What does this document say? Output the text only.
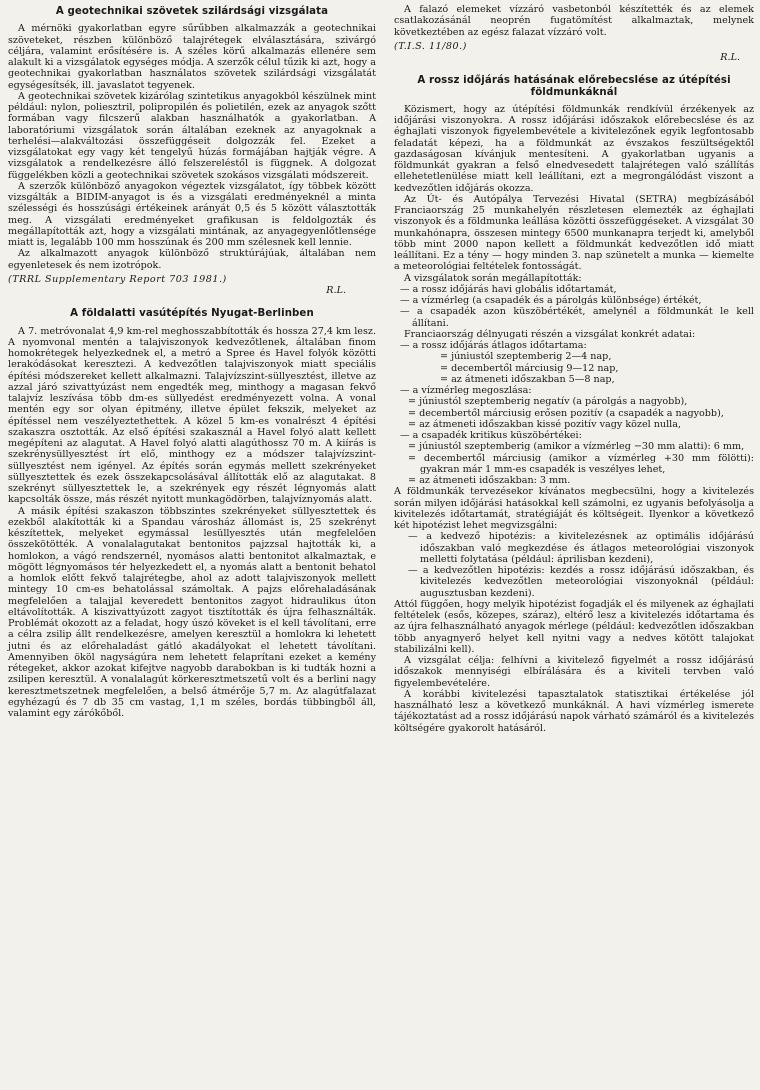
A geotechnikai szövetek szilárdsági vizsgálata

A mérnöki gyakorlatban egyre sűrűbben alkalmazzák a geotechnikai szöveteket, részben különböző talajrétegek elválasztására, szivárgó céljára, valamint erősítésére is. A széles körű alkalmazás ellenére sem alakult ki a vizsgálatok egységes módja. A szerzők célul tűzik ki azt, hogy a geotechnikai gyakorlatban használatos szövetek szilárdsági vizsgálatát egységesítsék, ill. javaslatot tegyenek.

A geotechnikai szövetek kizárólag szintetikus anyagokból készülnek mint például: nylon, poliesztril, polipropilén és polietilén, ezek az anyagok szőtt formában vagy filcszerű alakban használhatók a gyakorlatban. A laboratóriumi vizsgálatok során általában ezeknek az anyagoknak a terhelési—alakváltozási összefüggéseit dolgozzák fel. Ezeket a vizsgálatokat egy vagy két tengelyű húzás formájában hajtják végre. A vizsgálatok a rendelkezésre álló felszereléstől is függnek. A dolgozat függelékben közli a geotechnikai szövetek szokásos vizsgálati módszereit.

A szerzők különböző anyagokon végeztek vizsgálatot, így többek között vizsgálták a BIDIM-anyagot is és a vizsgálati eredményeknél a minta szélességi és hosszúsági értékeinek arányát 0,5 és 5 között választották meg. A vizsgálati eredményeket grafikusan is feldolgozták és megállapították azt, hogy a vizsgálati mintának, az anyagegyenlőtlensége miatt is, legalább 100 mm hosszúnak és 200 mm szélesnek kell lennie.

Az alkalmazott anyagok különböző struktúrájúak, általában nem egyenletesek és nem izotrópok.

(TRRL Supplementary Report 703 1981.)

R.L.

A földalatti vasútépítés Nyugat-Berlinben

A 7. metróvonalat 4,9 km-rel meghosszabbították és hossza 27,4 km lesz. A nyomvonal mentén a talajviszonyok kedvezőtlenek, általában finom homokrétegek helyezkednek el, a metró a Spree és Havel folyók közötti lerakódásokat keresztezi. A kedvezőtlen talajviszonyok miatt speciális építési módszereket kellett alkalmazni. Talajvízszint-süllyesztést, illetve az azzal járó szivattyúzást nem engedték meg, minthogy a magasan fekvő talajvíz leszívása több dm-es süllyedést eredményezett volna. A vonal mentén egy sor olyan épitmény, illetve épület fekszik, melyeket az építéssel nem veszélyeztethettek. A közel 5 km-es vonalrészt 4 építési szakaszra osztották. Az első építési szakasznál a Havel folyó alatt kellett megépíteni az alagutat. A Havel folyó alatti alagúthossz 70 m. A kiírás is szekrénysüllyesztést írt elő, minthogy ez a módszer talajvízszint-süllyesztést nem igényel. Az építés során egymás mellett szekrényeket süllyesztettek és ezek összekapcsolásával állították elő az alagutakat. 8 szekrényt süllyesztettek le, a szekrények egy részét légnyomás alatt kapcsolták össze, más részét nyitott munkagödörben, talajvíznyomás alatt.

A másik építési szakaszon többszintes szekrényeket süllyesztettek és ezekből alakították ki a Spandau városház állomást is, 25 szekrényt készítettek, melyeket egymással lesüllyesztés után megfelelően összekötötték. A vonalalagutakat bentonitos pajzzsal hajtották ki, a homlokon, a vágó rendszernél, nyomásos alatti bentonitot alkalmaztak, e mögött légnyomásos tér helyezkedett el, a nyomás alatt a bentonit behatol a homlok előtt fekvő talajrétegbe, ahol az adott talajviszonyok mellett mintegy 10 cm-es behatolással számoltak. A pajzs előrehaladásának megfelelően a talajjal keveredett bentonitos zagyot hidraulikus úton eltávolították. A kiszivattyúzott zagyot tisztították és újra felhasználták. Problémát okozott az a feladat, hogy úszó köveket is el kell távolítani, erre a célra zsilip állt rendelkezésre, amelyen keresztül a homlokra ki lehetett jutni és az előrehaladást gátló akadályokat el lehetett távolítani. Amennyiben ököl nagyságúra nem lehetett felaprítani ezeket a kemény rétegeket, akkor azokat kifejtve nagyobb darabokban is ki tudták hozni a zsilipen keresztül. A vonalalagút körkeresztmetszetű volt és a berlini nagy keresztmetszetnek megfelelően, a belső átmérője 5,7 m. Az alagútfalazat egyhézagú és 7 db 35 cm vastag, 1,1 m széles, bordás tübbingből áll, valamint egy zárókőből.

A falazó elemeket vízzáró vasbetonból készítették és az elemek csatlakozásánál neoprén fugatömítést alkalmaztak, melynek következtében az egész falazat vízzáró volt.

(T.I.S. 11/80.)

R.L.

A rossz időjárás hatásának előrebecslése az útépítési földmunkáknál

Közismert, hogy az útépítési földmunkák rendkívül érzékenyek az időjárási viszonyokra. A rossz időjárási időszakok előrebecslése és az éghajlati viszonyok figyelembevétele a kivitelezőnek egyik legfontosabb feladatát képezi, ha a földmunkát az évszakos feszültségektől gazdaságosan kívánjuk mentesíteni. A gyakorlatban ugyanis a földmunkát gyakran a felső elnedvesedett talajrétegen való szállítás ellehetetlenülése miatt kell leállítani, ezt a megrongálódást viszont a kedvezőtlen időjárás okozza.

Az Út- és Autópálya Tervezési Hivatal (SETRA) megbízásából Franciaország 25 munkahelyén részletesen elemezték az éghajlati viszonyok és a földmunka leállása közötti összefüggéseket. A vizsgálat 30 munkahónapra, összesen mintegy 6500 munkanapra terjedt ki, amelyből több mint 2000 napon kellett a földmunkát kedvezőtlen idő miatt leállítani. Ez a tény — hogy minden 3. nap szünetelt a munka — kiemelte a meteorológiai feltételek fontosságát.

A vizsgálatok során megállapították:

— a rossz időjárás havi globális időtartamát,
— a vízmérleg (a csapadék és a párolgás különbsége) értékét,
— a csapadék azon küszöbértékét, amelynél a földmunkát le kell állítani.

Franciaország délnyugati részén a vizsgálat konkrét adatai:

— a rossz időjárás átlagos időtartama:
= júniustól szeptemberig 2—4 nap,
= decembertől márciusig 9—12 nap,
= az átmeneti időszakban 5—8 nap,
— a vízmérleg megoszlása:
= júniustól szeptemberig negatív (a párolgás a nagyobb),
= decembertől márciusig erősen pozitív (a csapadék a nagyobb),
= az átmeneti időszakban kissé pozitív vagy közel nulla,
— a csapadék kritikus küszöbértékei:
= júniustól szeptemberig (amikor a vízmérleg −30 mm alatti): 6 mm,
= decembertől márciusig (amikor a vízmérleg +30 mm fölötti): gyakran már 1 mm-es csapadék is veszélyes lehet,
= az átmeneti időszakban: 3 mm.

A földmunkák tervezésekor kívánatos megbecsülni, hogy a kivitelezés során milyen időjárási hatásokkal kell számolni, ez ugyanis befolyásolja a kivitelezés időtartamát, stratégiáját és költségeit. Ilyenkor a következő két hipotézist lehet megvizsgálni:

— a kedvező hipotézis: a kivitelezésnek az optimális időjárású időszakban való megkezdése és átlagos meteorológiai viszonyok melletti folytatása (például: áprilisban kezdeni),
— a kedvezőtlen hipotézis: kezdés a rossz időjárású időszakban, és kivitelezés kedvezőtlen meteorológiai viszonyoknál (például: augusztusban kezdeni).

Attól függően, hogy melyik hipotézist fogadják el és milyenek az éghajlati feltételek (esős, közepes, száraz), eltérő lesz a kivitelezés időtartama és az újra felhasználható anyagok mérlege (például: kedvezőtlen időszakban több anyagnyerő helyet kell nyitni vagy a nedves kötött talajokat stabilizálni kell).

A vizsgálat célja: felhívni a kivitelező figyelmét a rossz időjárású időszakok mennyiségi elbírálására és a kiviteli tervben való figyelembevételére.

A korábbi kivitelezési tapasztalatok statisztikai értékelése jól használható lesz a következő munkáknál. A havi vízmérleg ismerete tájékoztatást ad a rossz időjárású napok várható számáról és a kivitelezés költségére gyakorolt hatásáról.
